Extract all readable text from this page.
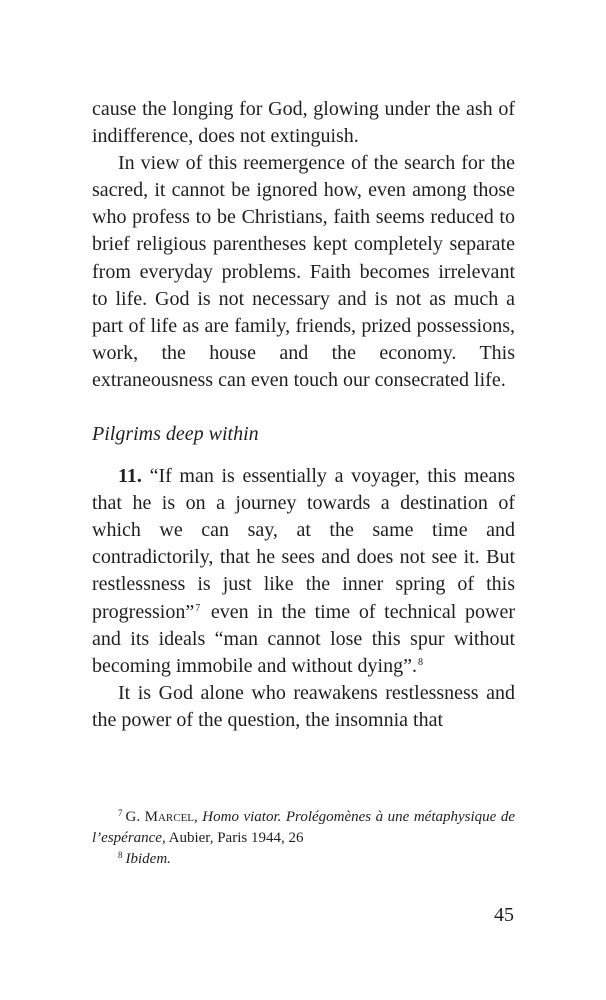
cause the longing for God, glowing under the ash of indifference, does not extinguish.

In view of this reemergence of the search for the sacred, it cannot be ignored how, even among those who profess to be Christians, faith seems reduced to brief religious parentheses kept completely separate from everyday problems. Faith becomes irrelevant to life. God is not necessary and is not as much a part of life as are family, friends, prized possessions, work, the house and the economy. This extraneousness can even touch our consecrated life.

Pilgrims deep within

11. “If man is essentially a voyager, this means that he is on a journey towards a destination of which we can say, at the same time and contradictorily, that he sees and does not see it. But restlessness is just like the inner spring of this progression”$^7$ even in the time of technical power and its ideals “man cannot lose this spur without becoming immobile and without dying”.$^8$

It is God alone who reawakens restlessness and the power of the question, the insomnia that

$^7$ G. Marcel, Homo viator. Prolégomènes à une métaphysique de l’espérance, Aubier, Paris 1944, 26

$^8$ Ibidem.

45
